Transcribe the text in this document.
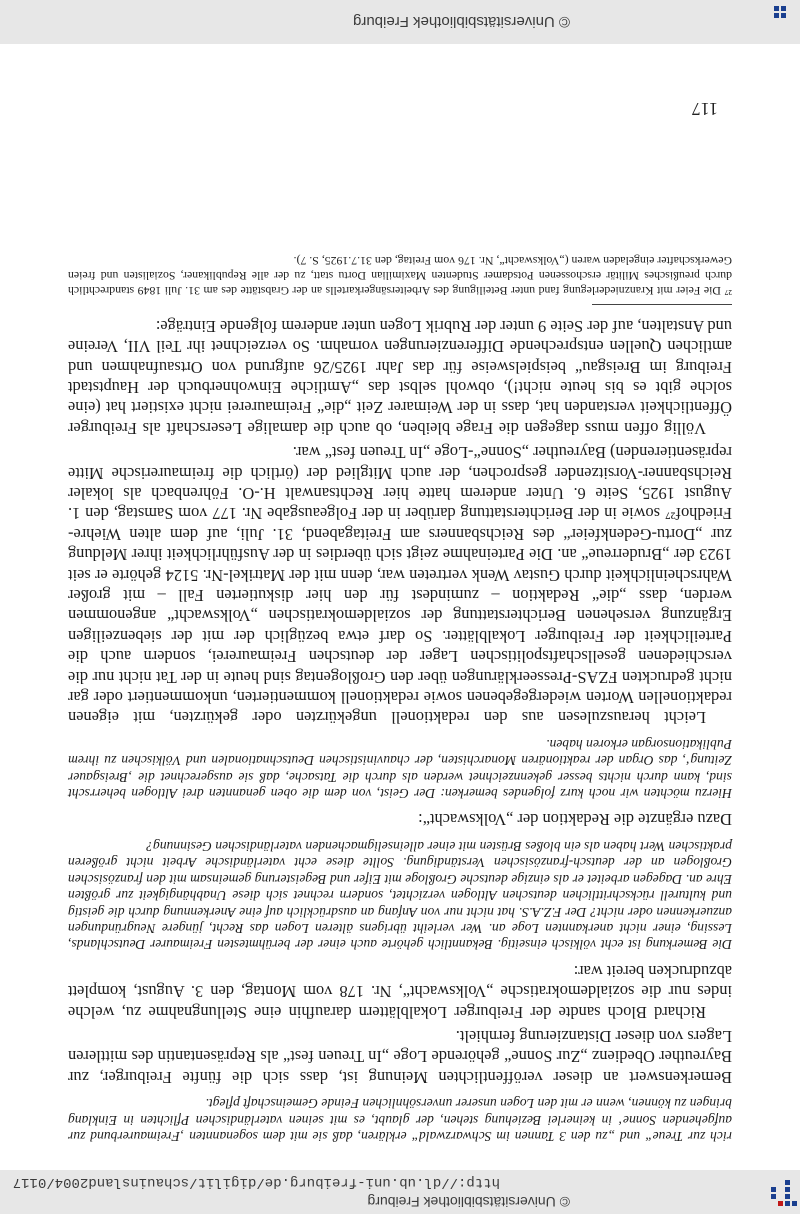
© Universitätsbibliothek Freiburg
© Universitätsbibliothek Freiburg
http://dl.ub.uni-freiburg.de/digilit/schauinsland2004/0117
117

rich zur Treue“ und „zu den 3 Tannen im Schwarzwald“ erklären, daß sie mit dem sogenannten ‚Freimaurerbund zur aufgehenden Sonne‘ in keinerlei Beziehung stehen, der glaubt, es mit seinen vaterländischen Pflichten in Einklang bringen zu können, wenn er mit den Logen unserer unversöhnlichen Feinde Gemeinschaft pflegt.

Bemerkenswert an dieser veröffentlichten Meinung ist, dass sich die fünfte Freiburger, zur Bayreuther Obedienz „Zur Sonne“ gehörende Loge „In Treuen fest“ als Repräsentantin des mittleren Lagers von dieser Distanzierung fernhielt.

Richard Bloch sandte der Freiburger Lokalblättern daraufhin eine Stellungnahme zu, welche indes nur die sozialdemokratische „Volkswacht“, Nr. 178 vom Montag, den 3. August, komplett abzudrucken bereit war:

Die Bemerkung ist echt völkisch einseitig. Bekanntlich gehörte auch einer der berühmtesten Freimaurer Deutschlands, Lessing, einer nicht anerkannten Loge an. Wer verleiht übrigens älteren Logen das Recht, jüngere Neugründungen anzuerkennen oder nicht? Der F.Z.A.S. hat nicht nur von Anfang an ausdrücklich auf eine Anerkennung durch die geistig und kulturell rückschrittlichen deutschen Altlogen verzichtet, sondern rechnet sich diese Unabhängigkeit zur größten Ehre an. Dagegen arbeitet er als einzige deutsche Großloge mit Eifer und Begeisterung gemeinsam mit den französischen Großlogen an der deutsch-französischen Verständigung. Sollte diese echt vaterländische Arbeit nicht größeren praktischen Wert haben als ein bloßes Brüsten mit einer alleinseligmachenden vaterländischen Gesinnung?

Dazu ergänzte die Redaktion der „Volkswacht“:

Hierzu möchten wir noch kurz folgendes bemerken: Der Geist, von dem die oben genannten drei Altlogen beherrscht sind, kann durch nichts besser gekennzeichnet werden als durch die Tatsache, daß sie ausgerechnet die ‚Breisgauer Zeitung‘, das Organ der reaktionären Monarchisten, der chauvinistischen Deutschnationalen und Völkischen zu ihrem Publikationsorgan erkoren haben.

Leicht herauszulesen aus den redaktionell ungekürzten oder gekürzten, mit eigenen redaktionellen Worten wiedergegebenen sowie redaktionell kommentierten, unkommentiert oder gar nicht gedruckten FZAS-Presseerklärungen über den Großlogentag sind heute in der Tat nicht nur die verschiedenen gesellschaftspolitischen Lager der deutschen Freimaurerei, sondern auch die Parteilichkeit der Freiburger Lokalblätter. So darf etwa bezüglich der mit der siebenzeiligen Ergänzung versehenen Berichterstattung der sozialdemokratischen „Volkswacht“ angenommen werden, dass „die“ Redaktion – zumindest für den hier diskutierten Fall – mit großer Wahrscheinlichkeit durch Gustav Wenk vertreten war, denn mit der Matrikel-Nr. 5124 gehörte er seit 1923 der „Bruderreue“ an. Die Parteinahme zeigt sich überdies in der Ausführlichkeit ihrer Meldung zur „Dortu-Gedenkfeier“ des Reichsbanners am Freitagabend, 31. Juli, auf dem alten Wiehre-Friedhof²⁷ sowie in der Berichterstattung darüber in der Folgeausgabe Nr. 177 vom Samstag, den 1. August 1925, Seite 6. Unter anderem hatte hier Rechtsanwalt H.-O. Föhrenbach als lokaler Reichsbanner-Vorsitzender gesprochen, der auch Mitglied der (örtlich die freimaurerische Mitte repräsentierenden) Bayreuther „Sonne“-Loge „In Treuen fest“ war.

Völlig offen muss dagegen die Frage bleiben, ob auch die damalige Leserschaft als Freiburger Öffentlichkeit verstanden hat, dass in der Weimarer Zeit „die“ Freimaurerei nicht existiert hat (eine solche gibt es bis heute nicht!), obwohl selbst das „Amtliche Einwohnerbuch der Hauptstadt Freiburg im Breisgau“ beispielsweise für das Jahr 1925/26 aufgrund von Ortsaufnahmen und amtlichen Quellen entsprechende Differenzierungen vornahm. So verzeichnet ihr Teil VII, Vereine und Anstalten, auf der Seite 9 unter der Rubrik Logen unter anderem folgende Einträge:

²⁷ Die Feier mit Kranzniederlegung fand unter Beteiligung des Arbeitersängerkartells an der Grabstätte des am 31. Juli 1849 standrechtlich durch preußisches Militär erschossenen Potsdamer Studenten Maximilian Dortu statt, zu der alle Republikaner, Sozialisten und freien Gewerkschafter eingeladen waren („Volkswacht“, Nr. 176 vom Freitag, den 31.7.1925, S. 7).
